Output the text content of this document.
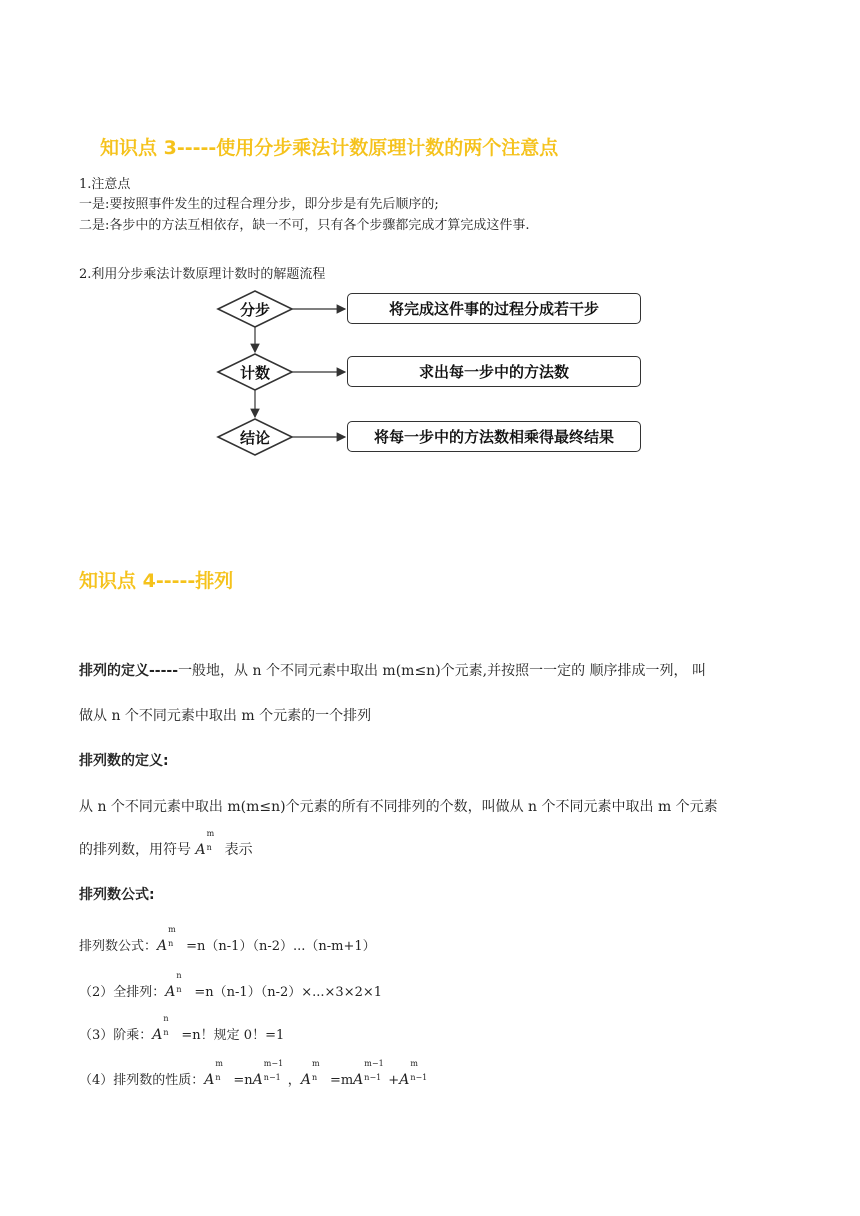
知识点 3-----使用分步乘法计数原理计数的两个注意点
1.注意点
一是:要按照事件发生的过程合理分步，即分步是有先后顺序的;
二是:各步中的方法互相依存，缺一不可，只有各个步骤都完成才算完成这件事.
2.利用分步乘法计数原理计数时的解题流程
分步
计数
结论
将完成这件事的过程分成若干步
求出每一步中的方法数
将每一步中的方法数相乘得最终结果
知识点 4-----排列
排列的定义-----一般地，从 n 个不同元素中取出 m(m≤n)个元素,并按照一一定的 顺序排成一列， 叫
做从 n 个不同元素中取出 m 个元素的一个排列
排列数的定义:
从 n 个不同元素中取出 m(m≤n)个元素的所有不同排列的个数，叫做从 n 个不同元素中取出 m 个元素
的排列数，用符号 A
m
n 表示
排列数公式:
排列数公式：A
m
n =n（n-1）（n-2）...（n-m+1）
（2）全排列：A
n
n =n（n-1）（n-2）×...×3×2×1
（3）阶乘：A
n
n =n！规定 0！=1
（4）排列数的性质：A
m
n =nA
m−1
n−1 ，A
m
n =mA
m−1
n−1 +A
m
n−1
